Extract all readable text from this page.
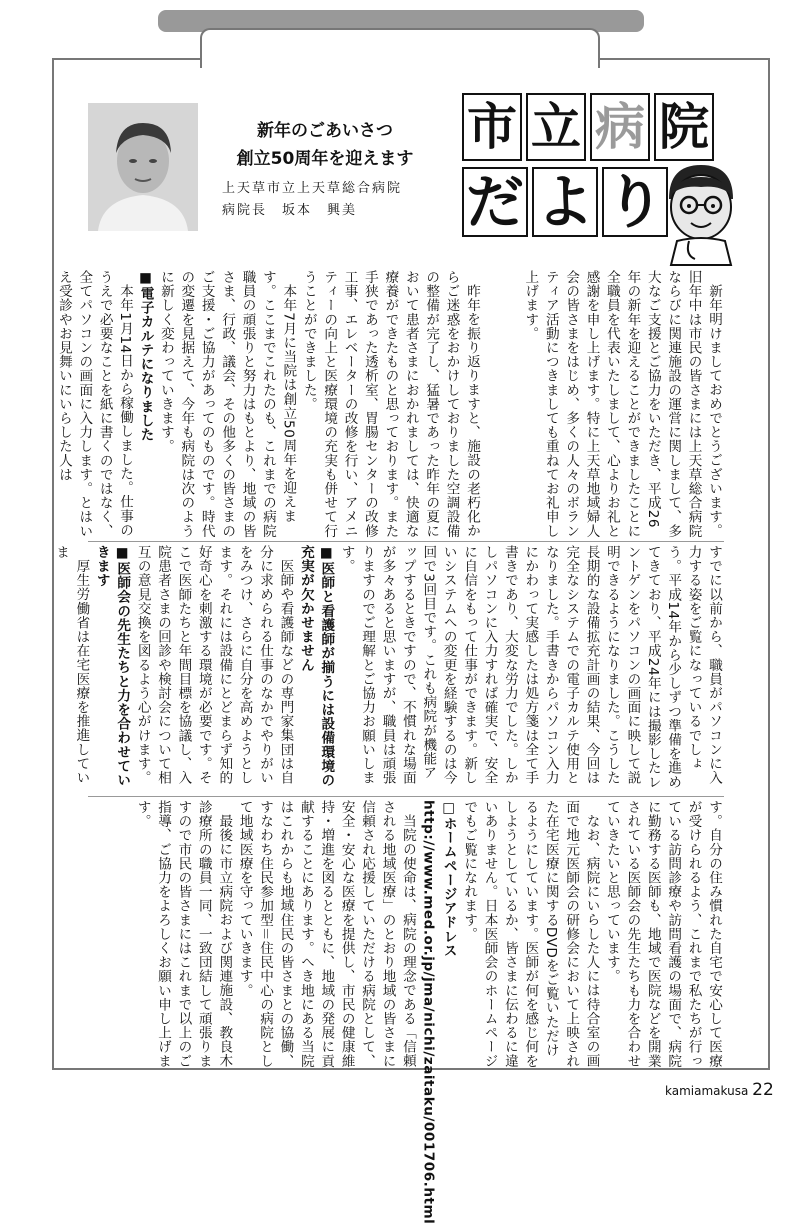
新年のごあいさつ
創立50周年を迎えます
上天草市立上天草総合病院
病院長　坂本　興美
市 立 病 院
だ よ り

新年明けましておめでとうございます。旧年中は市民の皆さまには上天草総合病院ならびに関連施設の運営に関しまして、多大なご支援とご協力をいただき、平成26年の新年を迎えることができましたことに全職員を代表いたしまして、心よりお礼と感謝を申し上げます。特に上天草地域婦人会の皆さまをはじめ、多くの人々のボランティア活動につきましても重ねてお礼申し上げます。

昨年を振り返りますと、施設の老朽化からご迷惑をおかけしておりました空調設備の整備が完了し、猛暑であった昨年の夏において患者さまにおかれましては、快適な療養ができたものと思っております。また手狭であった透析室、胃腸センターの改修工事、エレベーターの改修を行い、アメニティーの向上と医療環境の充実も併せて行うことができました。

本年7月に当院は創立50周年を迎えます。ここまでこれたのも、これまでの病院職員の頑張りと努力はもとより、地域の皆さま、行政、議会、その他多くの皆さまのご支援・ご協力があってのものです。時代の変遷を見据えて、今年も病院は次のように新しく変わっていきます。

■電子カルテになりました

本年1月14日から稼働しました。仕事のうえで必要なことを紙に書くのではなく、全てパソコンの画面に入力します。とはいえ受診やお見舞いにいらした人は

すでに以前から、職員がパソコンに入力する姿をご覧になっているでしょう。平成14年から少しずつ準備を進めてきており、平成24年には撮影したレントゲンをパソコンの画面に映して説明できるようになりました。こうした長期的な設備拡充計画の結果、今回は完全なシステムでの電子カルテ使用となりました。手書きからパソコン入力にかわって実感したは処方箋は全て手書きであり、大変な労力でした。しかしパソコンに入力すれば確実で、安全に自信をもって仕事ができます。新しいシステムへの変更を経験するのは今回で3回目です。これも病院が機能アップするときですので、不慣れな場面が多々あると思いますが、職員は頑張りますのでご理解とご協力お願いします。

■医師と看護師が揃うには設備環境の充実が欠かせません

医師や看護師などの専門家集団は自分に求められる仕事のなかでやりがいをみつけ、さらに自分を高めようとします。それには設備にとどまらず知的好奇心を刺激する環境が必要です。そこで医師たちと年間目標を協議し、入院患者さまの回診や検討会について相互の意見交換を図るよう心がけます。

■医師会の先生たちと力を合わせていきます

厚生労働省は在宅医療を推進していま

す。自分の住み慣れた自宅で安心して医療が受けられるよう、これまで私たちが行っている訪問診療や訪問看護の場面で、病院に勤務する医師も、地域で医院などを開業されている医師会の先生たちも力を合わせていきたいと思っています。

なお、病院にいらした人には待合室の画面で地元医師会の研修会において上映された在宅医療に関するDVDをご覧いただけるようにしています。医師が何を感じ何をしようとしているか、皆さまに伝わるに違いありません。日本医師会のホームページでもご覧になれます。

□ホームページアドレス　http://www.med.or.jp/jma/nichi/zaitaku/001706.html

当院の使命は、病院の理念である「信頼される地域医療」のとおり地域の皆さまに信頼され応援していただける病院として、安全・安心な医療を提供し、市民の健康維持・増進を図るとともに、地域の発展に貢献することにあります。へき地にある当院はこれからも地域住民の皆さまとの協働、すなわち住民参加型＝住民中心の病院として地域医療を守っていきます。

最後に市立病院および関連施設、教良木診療所の職員一同、一致団結して頑張りますので市民の皆さまにはこれまで以上のご指導、ご協力をよろしくお願い申し上げます。

kamiamakusa 22
